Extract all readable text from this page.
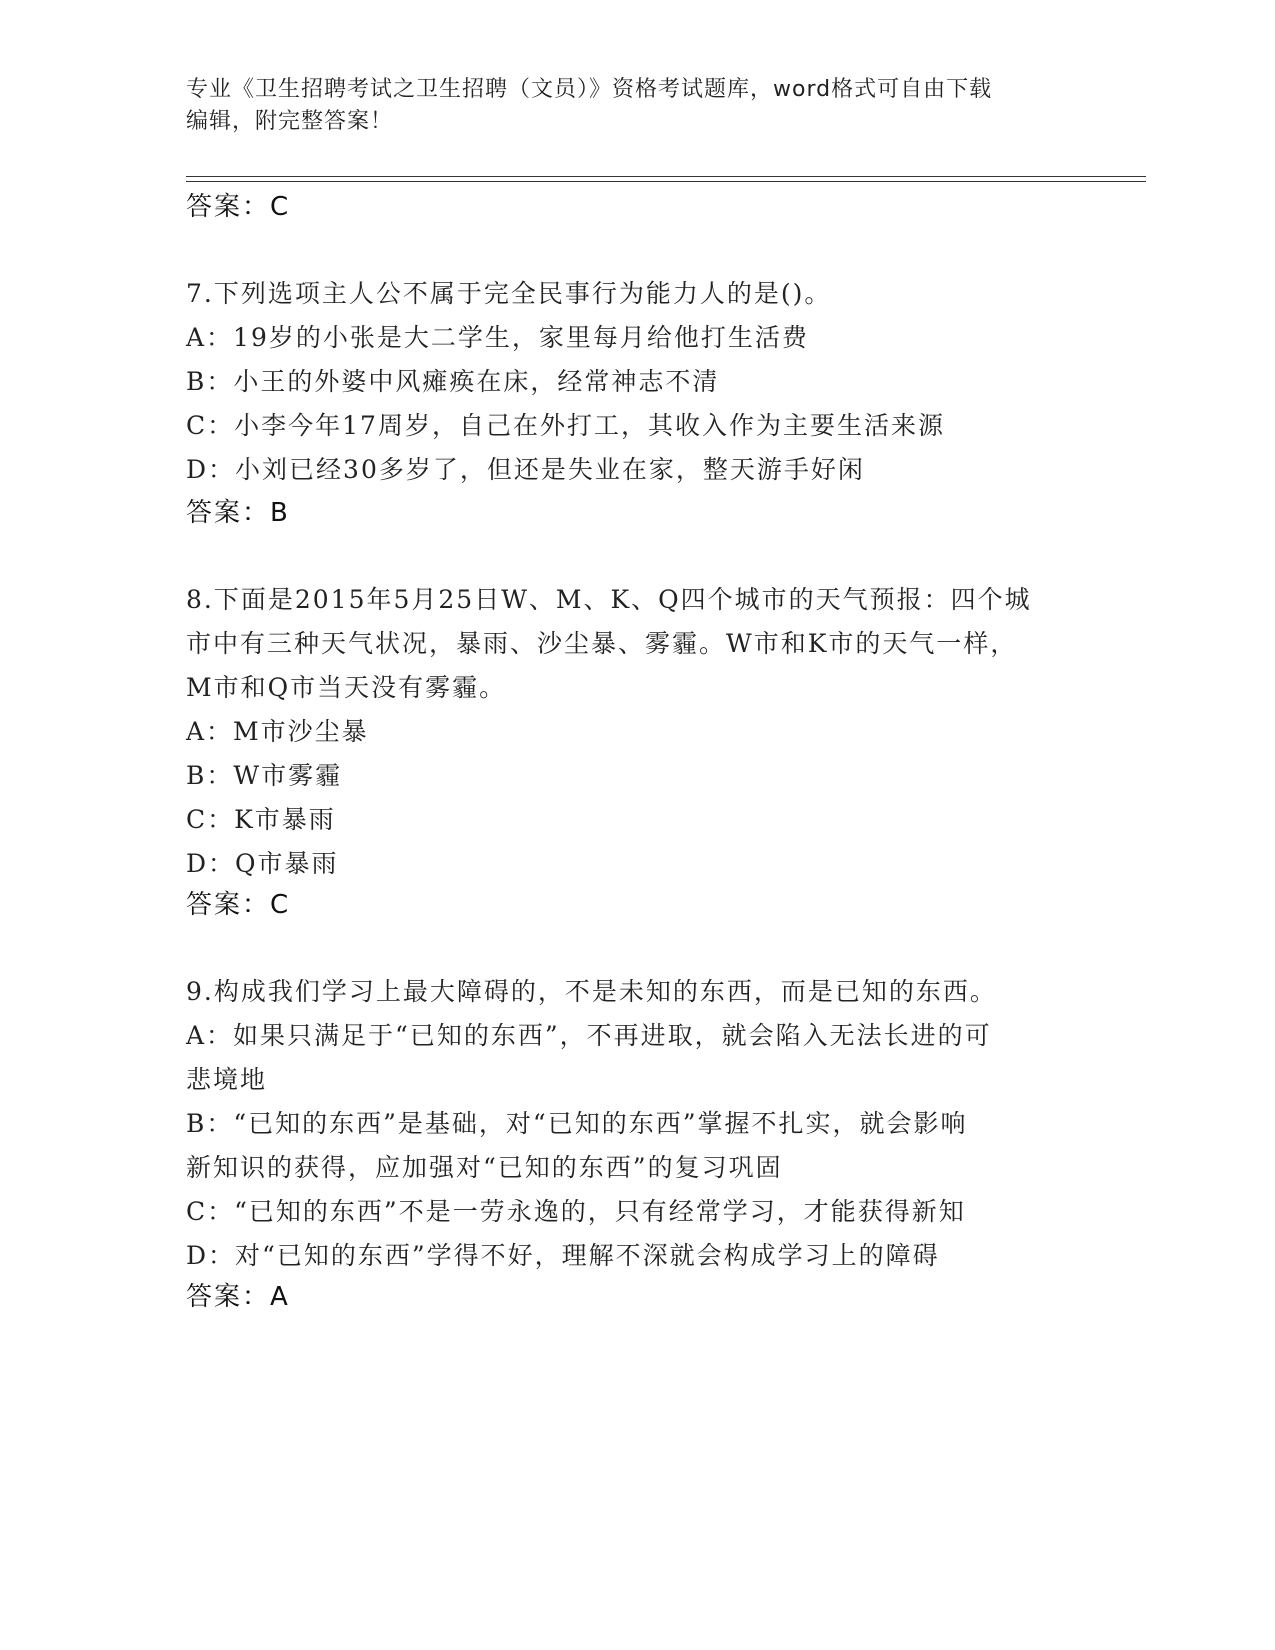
专业《卫生招聘考试之卫生招聘（文员）》资格考试题库，word格式可自由下载
编辑，附完整答案！
答案：C
7.下列选项主人公不属于完全民事行为能力人的是()。
A：19岁的小张是大二学生，家里每月给他打生活费
B：小王的外婆中风瘫痪在床，经常神志不清
C：小李今年17周岁，自己在外打工，其收入作为主要生活来源
D：小刘已经30多岁了，但还是失业在家，整天游手好闲
答案：B
8.下面是2015年5月25日W、M、K、Q四个城市的天气预报：四个城
市中有三种天气状况，暴雨、沙尘暴、雾霾。W市和K市的天气一样，
M市和Q市当天没有雾霾。
A：M市沙尘暴
B：W市雾霾
C：K市暴雨
D：Q市暴雨
答案：C
9.构成我们学习上最大障碍的，不是未知的东西，而是已知的东西。
A：如果只满足于“已知的东西”，不再进取，就会陷入无法长进的可
悲境地
B：“已知的东西”是基础，对“已知的东西”掌握不扎实，就会影响
新知识的获得，应加强对“已知的东西”的复习巩固
C：“已知的东西”不是一劳永逸的，只有经常学习，才能获得新知
D：对“已知的东西”学得不好，理解不深就会构成学习上的障碍
答案：A
